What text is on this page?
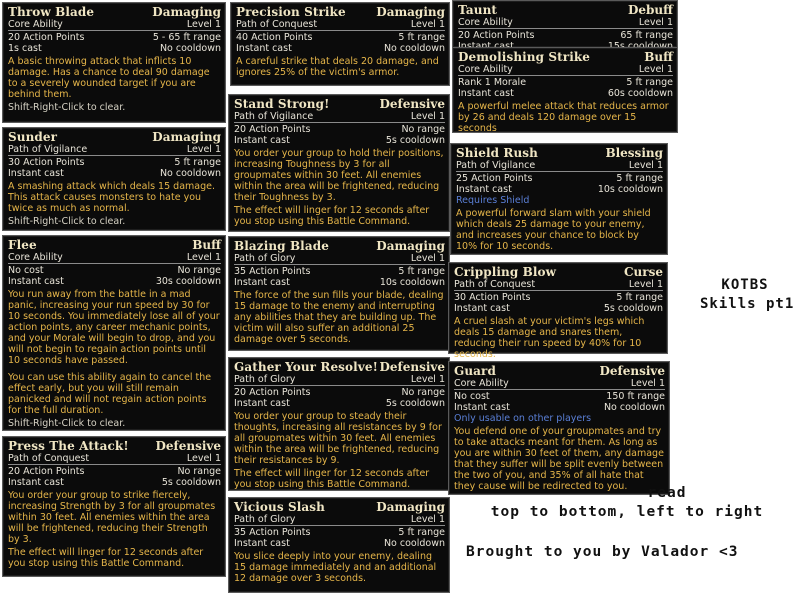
Throw Blade	Damaging
Core Ability	Level 1
20 Action Points	5 - 65 ft range
1s cast	No cooldown
A basic throwing attack that inflicts 10 damage. Has a chance to deal 90 damage to a severely wounded target if you are behind them.
Shift-Right-Click to clear.
Sunder	Damaging
Path of Vigilance	Level 1
30 Action Points	5 ft range
Instant cast	No cooldown
A smashing attack which deals 15 damage. This attack causes monsters to hate you twice as much as normal.
Shift-Right-Click to clear.
Flee	Buff
Core Ability	Level 1
No cost	No range
Instant cast	30s cooldown
You run away from the battle in a mad panic, increasing your run speed by 30 for 10 seconds. You immediately lose all of your action points, any career mechanic points, and your Morale will begin to drop, and you will not begin to regain action points until 10 seconds have passed.
You can use this ability again to cancel the effect early, but you will still remain panicked and will not regain action points for the full duration.
Shift-Right-Click to clear.
Press The Attack! Defensive
Path of Conquest	Level 1
20 Action Points	No range
Instant cast	5s cooldown
You order your group to strike fiercely, increasing Strength by 3 for all groupmates within 30 feet. All enemies within the area will be frightened, reducing their Strength by 3.
The effect will linger for 12 seconds after you stop using this Battle Command.
Precision Strike	Damaging
Path of Conquest	Level 1
40 Action Points	5 ft range
Instant cast	No cooldown
A careful strike that deals 20 damage, and ignores 25% of the victim's armor.
Stand Strong!	Defensive
Path of Vigilance	Level 1
20 Action Points	No range
Instant cast	5s cooldown
You order your group to hold their positions, increasing Toughness by 3 for all groupmates within 30 feet. All enemies within the area will be frightened, reducing their Toughness by 3.
The effect will linger for 12 seconds after you stop using this Battle Command.
Blazing Blade	Damaging
Path of Glory	Level 1
35 Action Points	5 ft range
Instant cast	10s cooldown
The force of the sun fills your blade, dealing 15 damage to the enemy and interrupting any abilities that they are building up. The victim will also suffer an additional 25 damage over 5 seconds.
Gather Your Resolve! Defensive
Path of Glory	Level 1
20 Action Points	No range
Instant cast	5s cooldown
You order your group to steady their thoughts, increasing all resistances by 9 for all groupmates within 30 feet. All enemies within the area will be frightened, reducing their resistances by 9.
The effect will linger for 12 seconds after you stop using this Battle Command.
Vicious Slash	Damaging
Path of Glory	Level 1
35 Action Points	5 ft range
Instant cast	No cooldown
You slice deeply into your enemy, dealing 15 damage immediately and an additional 12 damage over 3 seconds.
Taunt	Debuff
Core Ability	Level 1
20 Action Points	65 ft range
Demolishing Strike	Buff
Core Ability	Level 1
Rank 1 Morale	5 ft range
Instant cast	60s cooldown
A powerful melee attack that reduces armor by 26 and deals 120 damage over 15 seconds
Shield Rush	Blessing
Path of Vigilance	Level 1
25 Action Points	5 ft range
Instant cast	10s cooldown
Requires Shield
A powerful forward slam with your shield which deals 25 damage to your enemy, and increases your chance to block by 10% for 10 seconds.
Crippling Blow	Curse
Path of Conquest	Level 1
30 Action Points	5 ft range
Instant cast	5s cooldown
A cruel slash at your victim's legs which deals 15 damage and snares them, reducing their run speed by 40% for 10 seconds.
Guard	Defensive
Core Ability	Level 1
No cost	150 ft range
Instant cast	No cooldown
Only usable on other players
You defend one of your groupmates and try to take attacks meant for them. As long as you are within 30 feet of them, any damage that they suffer will be split evenly between the two of you, and 35% of all hate that they cause will be redirected to you.
KOTBS
Skills pt1
read
top to bottom, left to right
Brought to you by Valador <3
